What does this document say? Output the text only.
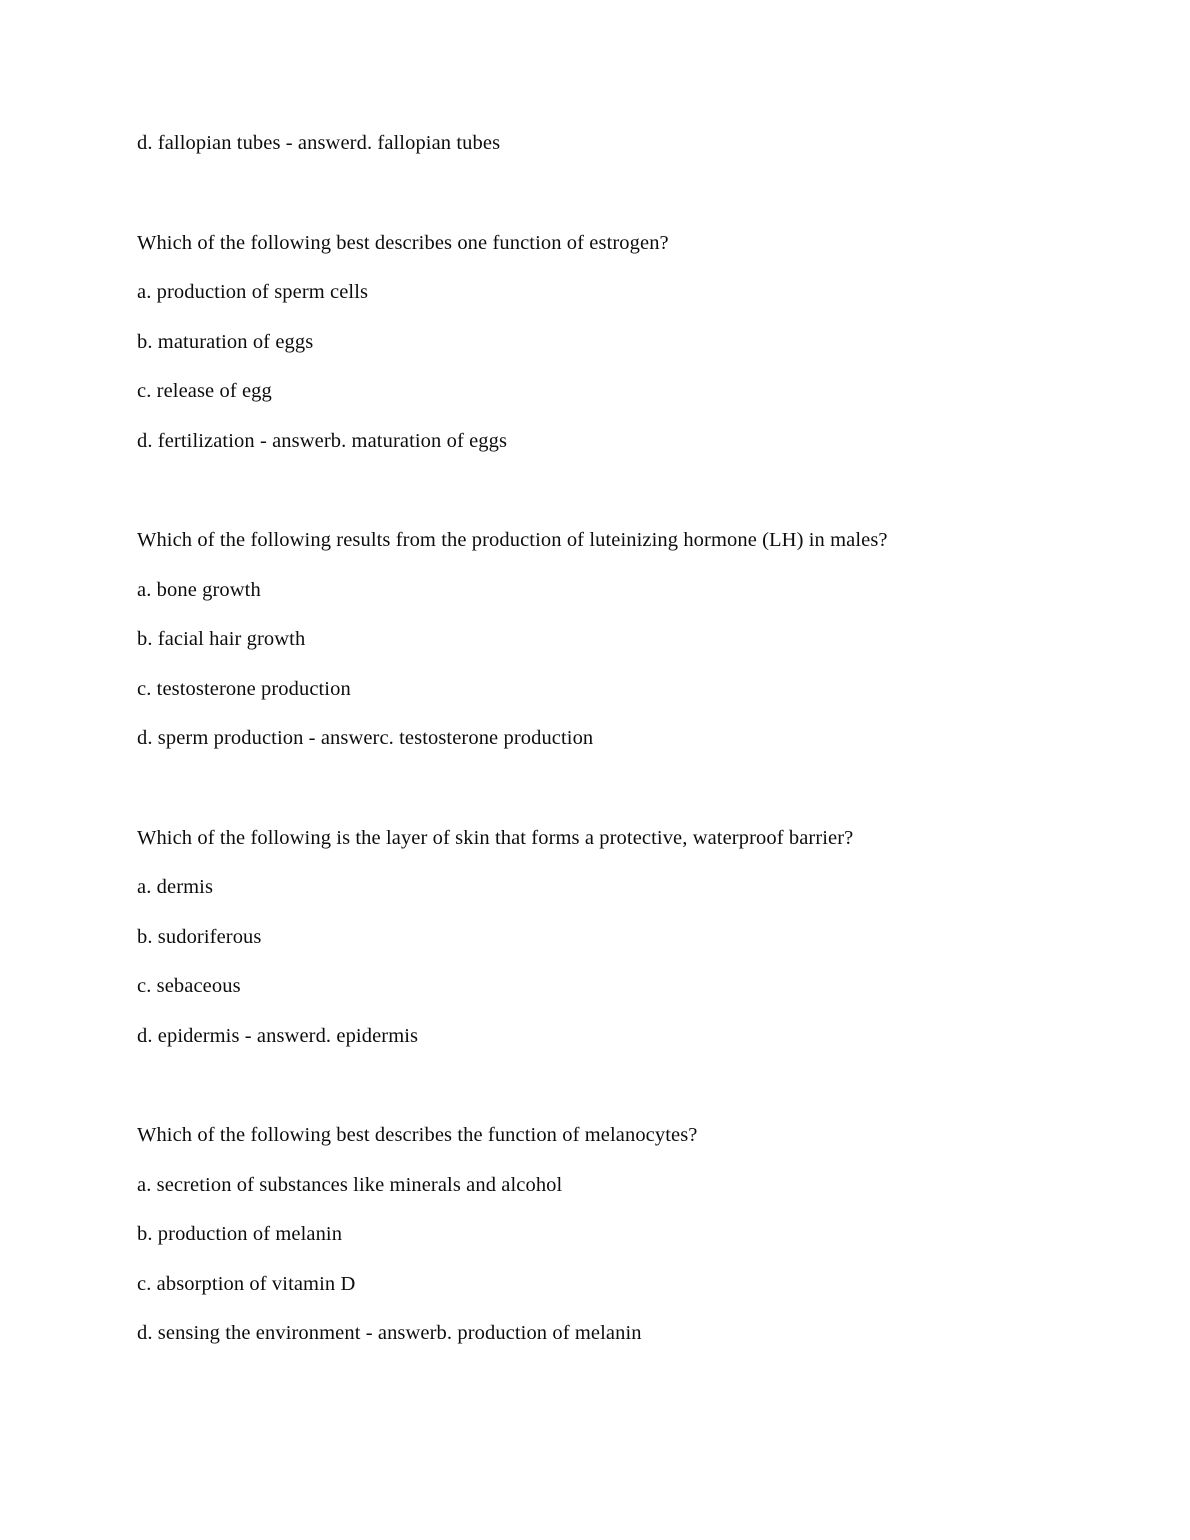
d. fallopian tubes - answerd. fallopian tubes

Which of the following best describes one function of estrogen?

a. production of sperm cells

b. maturation of eggs

c. release of egg

d. fertilization - answerb. maturation of eggs

Which of the following results from the production of luteinizing hormone (LH) in males?

a. bone growth

b. facial hair growth

c. testosterone production

d. sperm production - answerc. testosterone production

Which of the following is the layer of skin that forms a protective, waterproof barrier?

a. dermis

b. sudoriferous

c. sebaceous

d. epidermis - answerd. epidermis

Which of the following best describes the function of melanocytes?

a. secretion of substances like minerals and alcohol

b. production of melanin

c. absorption of vitamin D

d. sensing the environment - answerb. production of melanin
